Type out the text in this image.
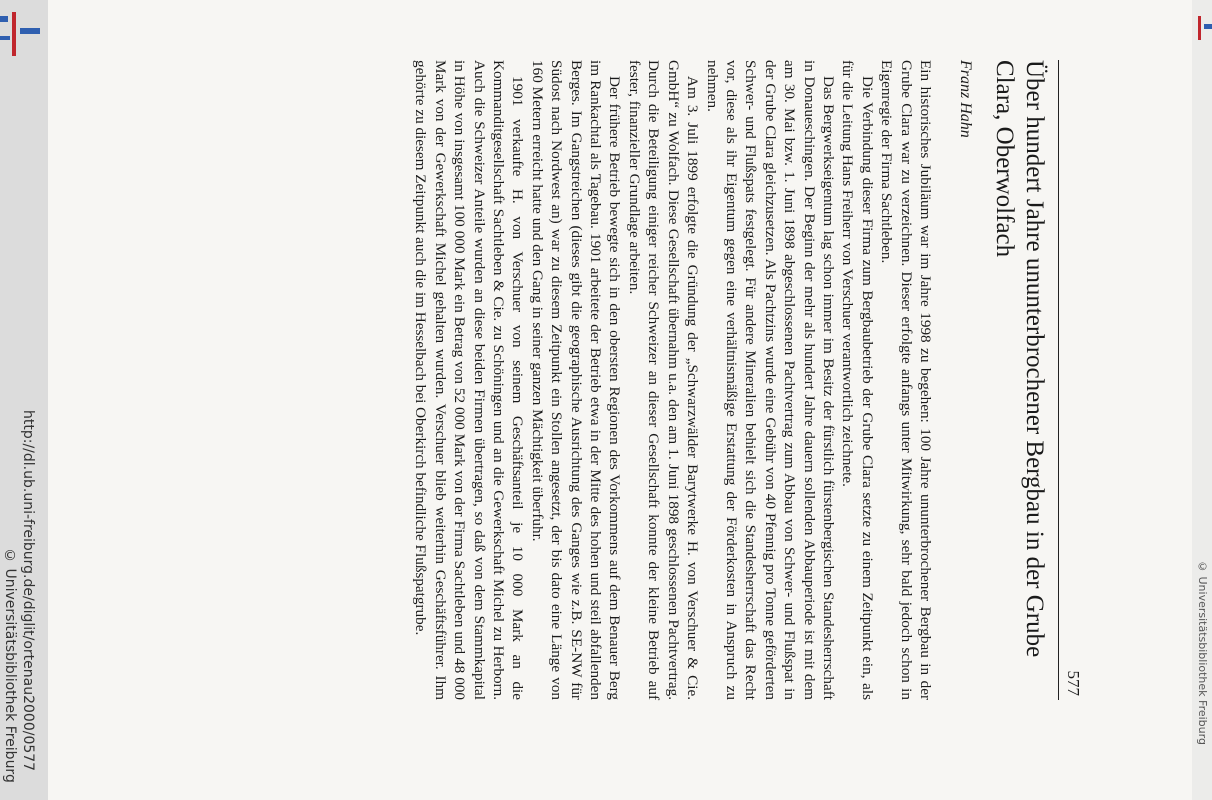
http://dl.ub.uni-freiburg.de/diglit/ortenau2000/0577
© Universitätsbibliothek Freiburg	© Universitätsbibliothek Freiburg
577
Über hundert Jahre ununterbrochener Bergbau in der Grube Clara, Oberwolfach
Franz Hahn

Ein historisches Jubiläum war im Jahre 1998 zu begehen: 100 Jahre ununterbrochener Bergbau in der Grube Clara war zu verzeichnen. Dieser erfolgte anfangs unter Mitwirkung, sehr bald jedoch schon in Eigenregie der Firma Sachtleben.

Die Verbindung dieser Firma zum Bergbaubetrieb der Grube Clara setzte zu einem Zeitpunkt ein, als für die Leitung Hans Freiherr von Verschuer verantwortlich zeichnete.

Das Bergwerkseigentum lag schon immer im Besitz der fürstlich fürstenbergischen Standesherrschaft in Donaueschingen. Der Beginn der mehr als hundert Jahre dauern sollenden Abbauperiode ist mit dem am 30. Mai bzw. 1. Juni 1898 abgeschlossenen Pachtvertrag zum Abbau von Schwer- und Flußspat in der Grube Clara gleichzusetzen. Als Pachtzins wurde eine Gebühr von 40 Pfennig pro Tonne geförderten Schwer- und Flußspats festgelegt. Für andere Mineralien behielt sich die Standesherrschaft das Recht vor, diese als ihr Eigentum gegen eine verhältnismäßige Erstattung der Förderkosten in Anspruch zu nehmen.

Am 3. Juli 1899 erfolgte die Gründung der „Schwarzwälder Barytwerke H. von Verschuer & Cie. GmbH“ zu Wolfach. Diese Gesellschaft übernahm u.a. den am 1. Juni 1898 geschlossenen Pachtvertrag. Durch die Beteiligung einiger reicher Schweizer an dieser Gesellschaft konnte der kleine Betrieb auf fester, finanzieller Grundlage arbeiten.

Der frühere Betrieb bewegte sich in den obersten Regionen des Vorkommens auf dem Benauer Berg im Rankachtal als Tagebau. 1901 arbeitete der Betrieb etwa in der Mitte des hohen und steil abfallenden Berges. Im Gangstreichen (dieses gibt die geographische Ausrichtung des Ganges wie z.B. SE-NW für Südost nach Nordwest an) war zu diesem Zeitpunkt ein Stollen angesetzt, der bis dato eine Länge von 160 Metern erreicht hatte und den Gang in seiner ganzen Mächtigkeit überfuhr.

1901 verkaufte H. von Verschuer von seinem Geschäftsanteil je 10 000 Mark an die Kommanditgesellschaft Sachtleben & Cie. zu Schöningen und an die Gewerkschaft Michel zu Herborn. Auch die Schweizer Anteile wurden an diese beiden Firmen übertragen, so daß von dem Stammkapital in Höhe von insgesamt 100 000 Mark ein Betrag von 52 000 Mark von der Firma Sachtleben und 48 000 Mark von der Gewerkschaft Michel gehalten wurden. Verschuer blieb weiterhin Geschäftsführer. Ihm gehörte zu diesem Zeitpunkt auch die im Hesselbach bei Oberkirch befindliche Flußspatgrube.
